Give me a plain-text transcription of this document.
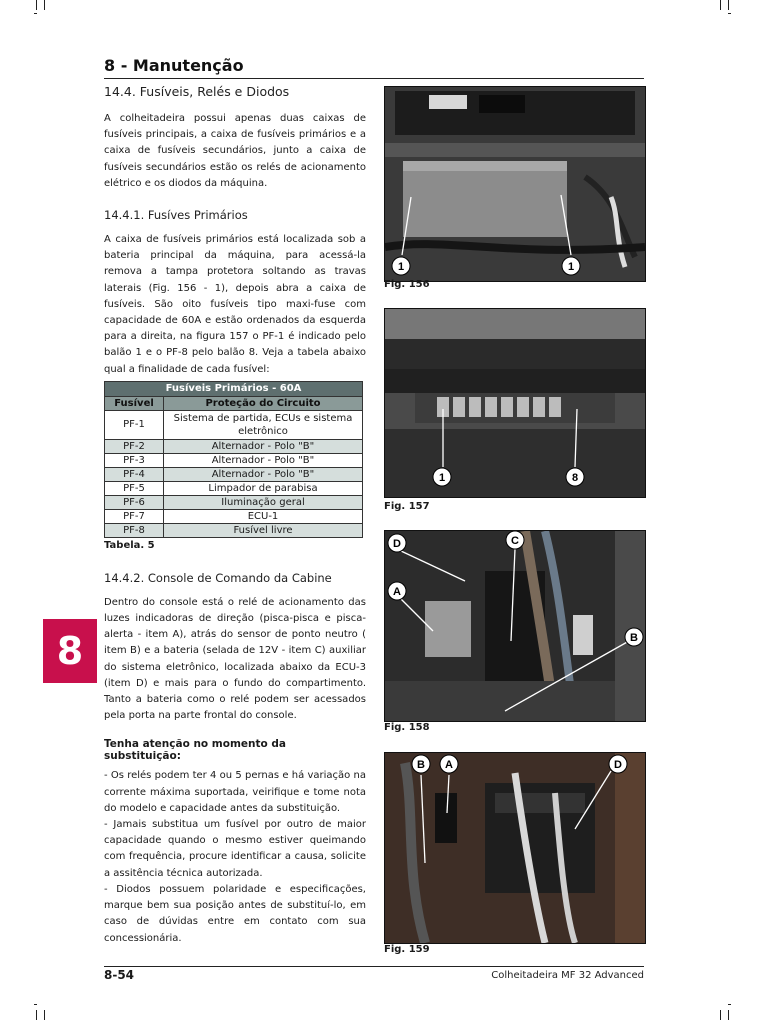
8 - Manutenção
14.4. Fusíveis, Relés e Diodos

A colheitadeira possui apenas duas caixas de fusíveis principais, a caixa de fusíveis primários e a caixa de fusíveis secundários, junto a caixa de fusíveis secundários estão os relés de acionamento elétrico e os diodos da máquina.

14.4.1. Fusíves Primários

A caixa de fusíveis primários está localizada sob a bateria principal da máquina, para acessá-la remova a tampa protetora soltando as travas laterais (Fig. 156 - 1), depois abra a caixa de fusíveis. São oito fusíveis tipo maxi-fuse com capacidade de 60A e estão ordenados da esquerda para a direita, na figura 157 o PF-1 é indicado pelo balão 1 e o PF-8 pelo balão 8. Veja a tabela abaixo qual a finalidade de cada fusível:

Fusíveis Primários - 60A	
Fusível	Proteção do Circuito
PF-1	Sistema de partida, ECUs e sistema eletrônico
PF-2	Alternador - Polo "B"
PF-3	Alternador - Polo "B"
PF-4	Alternador - Polo "B"
PF-5	Limpador de parabisa
PF-6	Iluminação geral
PF-7	ECU-1
PF-8	Fusível livre
Tabela. 5
14.4.2. Console de Comando da Cabine

Dentro do console está o relé de acionamento das luzes indicadoras de direção (pisca-pisca e pisca-alerta - item A), atrás do sensor de ponto neutro ( item B) e a bateria (selada de 12V - item C) auxiliar do sistema eletrônico, localizada abaixo da ECU-3 (item D) e mais para o fundo do compartimento. Tanto a bateria como o relé podem ser acessados pela porta na parte frontal do console.

Tenha atenção no momento da substituição:

- Os relés podem ter 4 ou 5 pernas e há variação na corrente máxima suportada, veirifique e tome nota do modelo e capacidade antes da substituição.

- Jamais substitua um fusível por outro de maior capacidade quando o mesmo estiver queimando com frequência, procure identificar a causa, solicite a assitência técnica autorizada.

- Diodos possuem polaridade e especificações, marque bem sua posição antes de substituí-lo, em caso de dúvidas entre em contato com sua concessionária.

8
1	1
Fig. 156
1	8
Fig. 157
D	C
A
B
Fig. 158
B A	D
Fig. 159
8-54	Colheitadeira MF 32 Advanced
